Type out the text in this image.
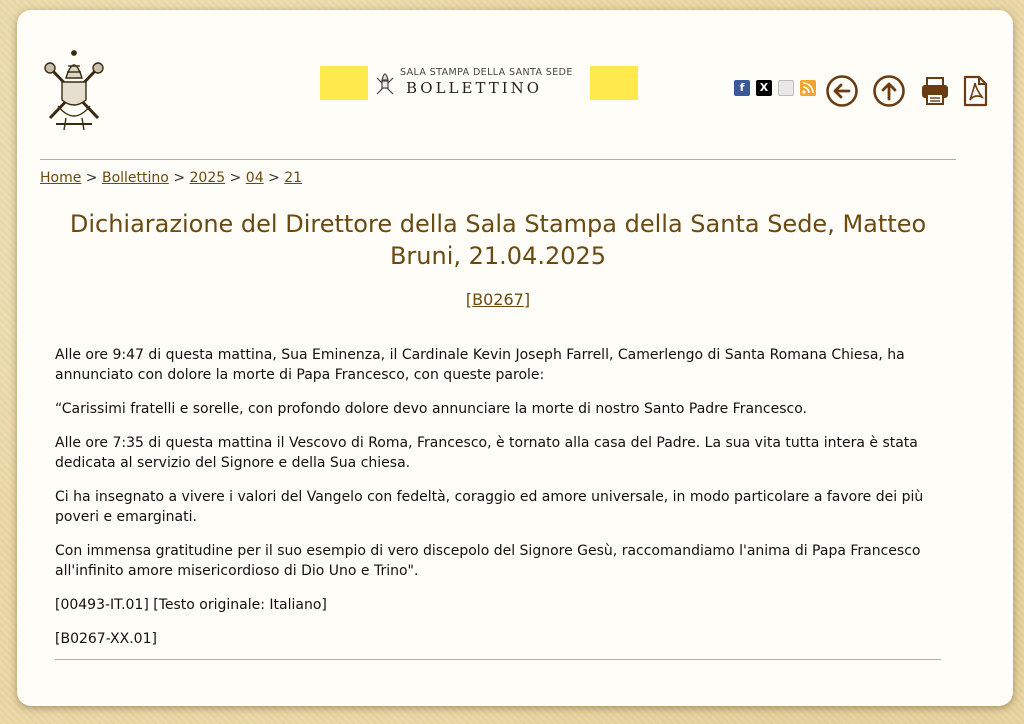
SALA STAMPA DELLA SANTA SEDE
BOLLETTINO	f	X
Home > Bollettino > 2025 > 04 > 21
Dichiarazione del Direttore della Sala Stampa della Santa Sede, Matteo Bruni, 21.04.2025
[B0267]

Alle ore 9:47 di questa mattina, Sua Eminenza, il Cardinale Kevin Joseph Farrell, Camerlengo di Santa Romana Chiesa, ha annunciato con dolore la morte di Papa Francesco, con queste parole:

“Carissimi fratelli e sorelle, con profondo dolore devo annunciare la morte di nostro Santo Padre Francesco.

Alle ore 7:35 di questa mattina il Vescovo di Roma, Francesco, è tornato alla casa del Padre. La sua vita tutta intera è stata dedicata al servizio del Signore e della Sua chiesa.

Ci ha insegnato a vivere i valori del Vangelo con fedeltà, coraggio ed amore universale, in modo particolare a favore dei più poveri e emarginati.

Con immensa gratitudine per il suo esempio di vero discepolo del Signore Gesù, raccomandiamo l'anima di Papa Francesco all'infinito amore misericordioso di Dio Uno e Trino".

[00493-IT.01] [Testo originale: Italiano]

[B0267-XX.01]
